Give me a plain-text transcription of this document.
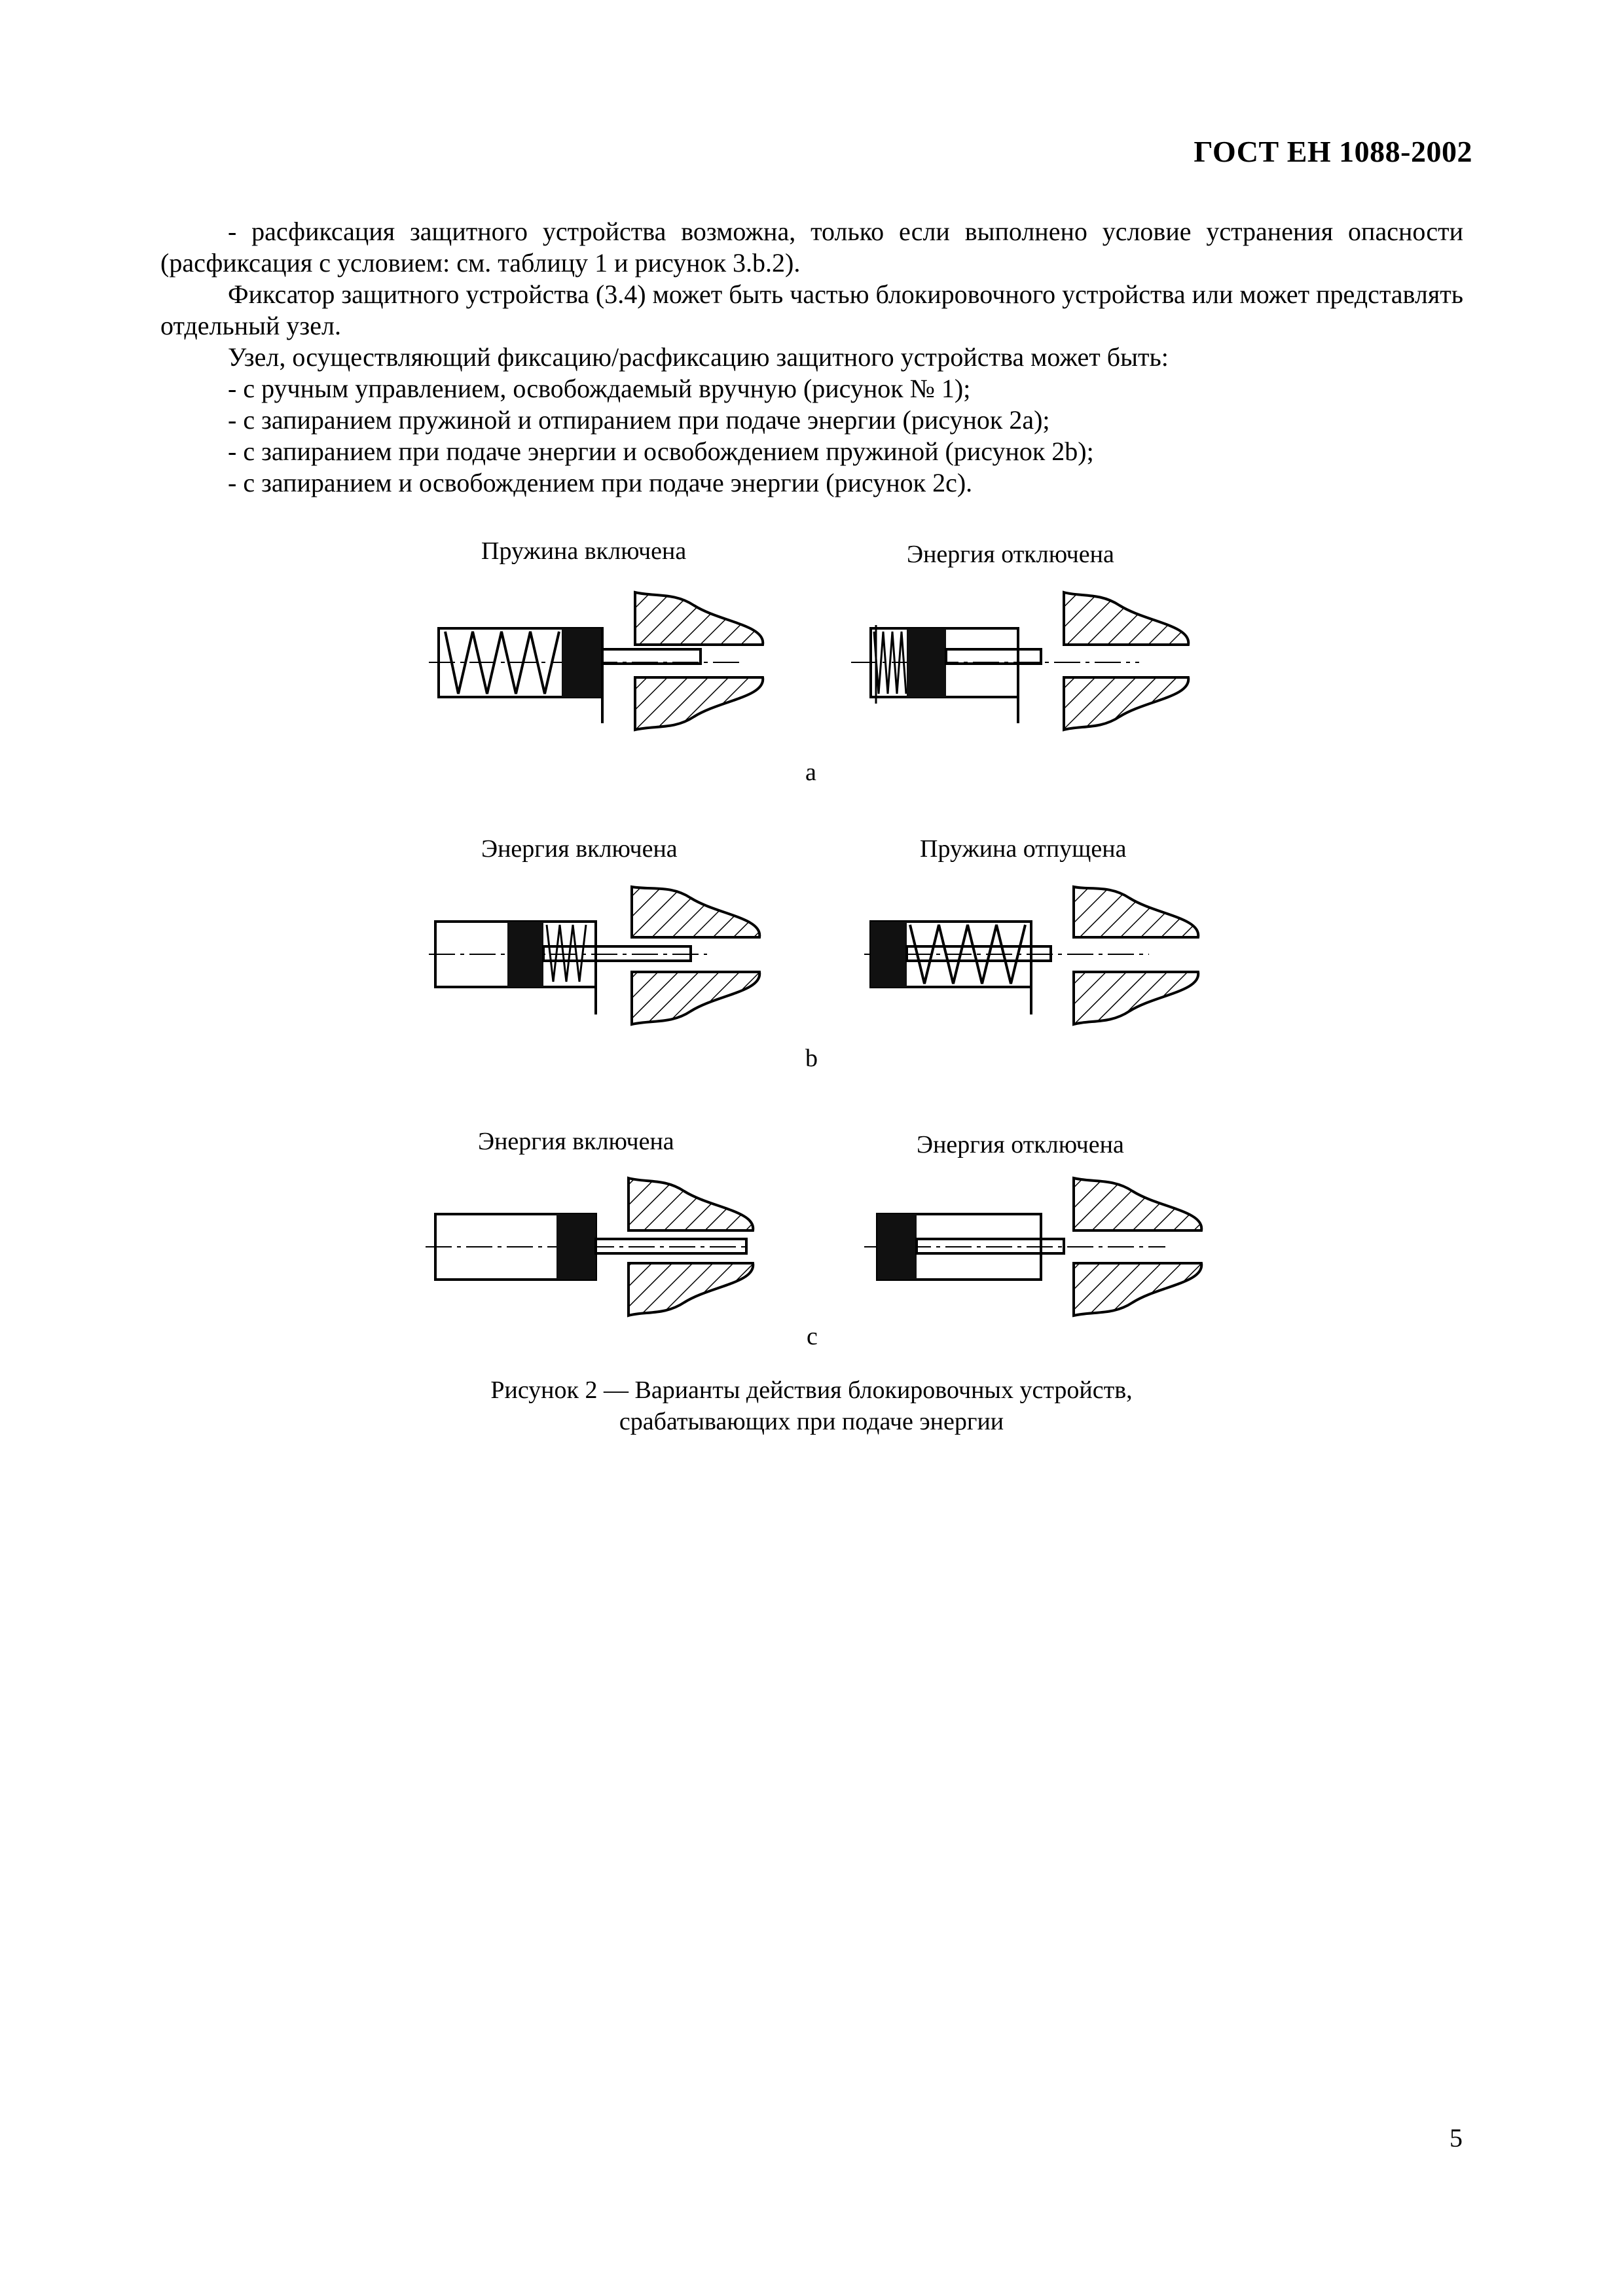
ГОСТ ЕН 1088-2002

- расфиксация защитного устройства возможна, только если выполнено условие устранения опасности (расфиксация с условием: см. таблицу 1 и рисунок 3.b.2).

Фиксатор защитного устройства (3.4) может быть частью блокировочного устройства или может представлять отдельный узел.

Узел, осуществляющий фиксацию/расфиксацию защитного устройства может быть:

- с ручным управлением, освобождаемый вручную (рисунок № 1);

- с запиранием пружиной и отпиранием при подаче энергии (рисунок 2a);

- с запиранием при подаче энергии и освобождением пружиной (рисунок 2b);

- с запиранием и освобождением при подаче энергии (рисунок 2c).

Пружина включена	Энергия отключена
a
Энергия включена	Пружина отпущена
b
Энергия включена	Энергия отключена
c
Рисунок 2 — Варианты действия блокировочных устройств,
срабатывающих при подаче энергии
5
